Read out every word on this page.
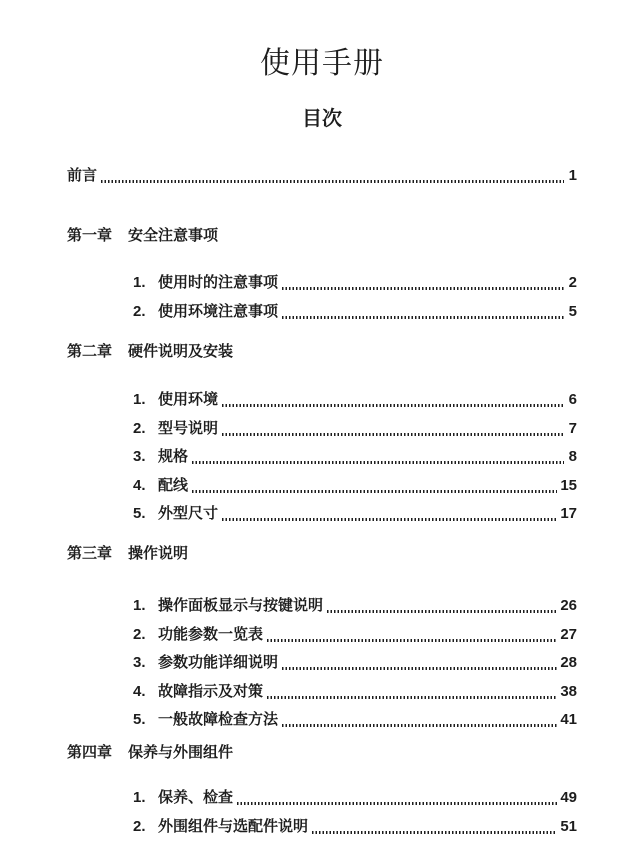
使用手册
目次
前言	1
第一章 安全注意事项
1. 使用时的注意事项	2
2. 使用环境注意事项	5
第二章 硬件说明及安装
1. 使用环境	6
2. 型号说明	7
3. 规格	8
4. 配线	15
5. 外型尺寸	17
第三章 操作说明
1. 操作面板显示与按键说明	26
2. 功能参数一览表	27
3. 参数功能详细说明	28
4. 故障指示及对策	38
5. 一般故障检查方法	41
第四章 保养与外围组件
1. 保养、检查	49
2. 外围组件与选配件说明	51
